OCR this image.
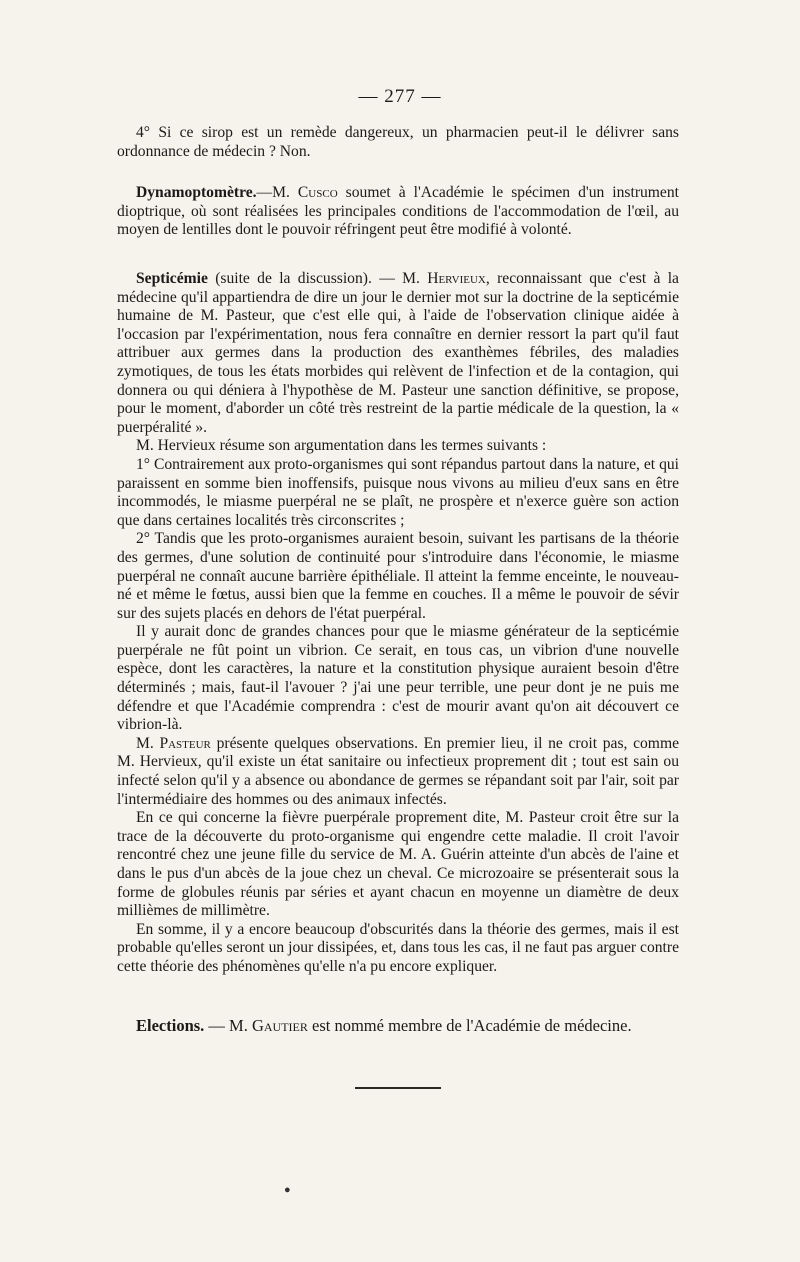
— 277 —

4° Si ce sirop est un remède dangereux, un pharmacien peut-il le délivrer sans ordonnance de médecin ? Non.

Dynamoptomètre.—M. Cusco soumet à l'Académie le spécimen d'un instrument dioptrique, où sont réalisées les principales conditions de l'accommodation de l'œil, au moyen de lentilles dont le pouvoir réfringent peut être modifié à volonté.

Septicémie (suite de la discussion). — M. Hervieux, reconnaissant que c'est à la médecine qu'il appartiendra de dire un jour le dernier mot sur la doctrine de la septicémie humaine de M. Pasteur, que c'est elle qui, à l'aide de l'observation clinique aidée à l'occasion par l'expérimentation, nous fera connaître en dernier ressort la part qu'il faut attribuer aux germes dans la production des exanthèmes fébriles, des maladies zymotiques, de tous les états morbides qui relèvent de l'infection et de la contagion, qui donnera ou qui déniera à l'hypothèse de M. Pasteur une sanction définitive, se propose, pour le moment, d'aborder un côté très restreint de la partie médicale de la question, la « puerpéralité ».

M. Hervieux résume son argumentation dans les termes suivants :

1° Contrairement aux proto-organismes qui sont répandus partout dans la nature, et qui paraissent en somme bien inoffensifs, puisque nous vivons au milieu d'eux sans en être incommodés, le miasme puerpéral ne se plaît, ne prospère et n'exerce guère son action que dans certaines localités très circonscrites ;

2° Tandis que les proto-organismes auraient besoin, suivant les partisans de la théorie des germes, d'une solution de continuité pour s'introduire dans l'économie, le miasme puerpéral ne connaît aucune barrière épithéliale. Il atteint la femme enceinte, le nouveau-né et même le fœtus, aussi bien que la femme en couches. Il a même le pouvoir de sévir sur des sujets placés en dehors de l'état puerpéral.

Il y aurait donc de grandes chances pour que le miasme générateur de la septicémie puerpérale ne fût point un vibrion. Ce serait, en tous cas, un vibrion d'une nouvelle espèce, dont les caractères, la nature et la constitution physique auraient besoin d'être déterminés ; mais, faut-il l'avouer ? j'ai une peur terrible, une peur dont je ne puis me défendre et que l'Académie comprendra : c'est de mourir avant qu'on ait découvert ce vibrion-là.

M. Pasteur présente quelques observations. En premier lieu, il ne croit pas, comme M. Hervieux, qu'il existe un état sanitaire ou infectieux proprement dit ; tout est sain ou infecté selon qu'il y a absence ou abondance de germes se répandant soit par l'air, soit par l'intermédiaire des hommes ou des animaux infectés.

En ce qui concerne la fièvre puerpérale proprement dite, M. Pasteur croit être sur la trace de la découverte du proto-organisme qui engendre cette maladie. Il croit l'avoir rencontré chez une jeune fille du service de M. A. Guérin atteinte d'un abcès de l'aine et dans le pus d'un abcès de la joue chez un cheval. Ce microzoaire se présenterait sous la forme de globules réunis par séries et ayant chacun en moyenne un diamètre de deux millièmes de millimètre.

En somme, il y a encore beaucoup d'obscurités dans la théorie des germes, mais il est probable qu'elles seront un jour dissipées, et, dans tous les cas, il ne faut pas arguer contre cette théorie des phénomènes qu'elle n'a pu encore expliquer.

Elections. — M. Gautier est nommé membre de l'Académie de médecine.

●
